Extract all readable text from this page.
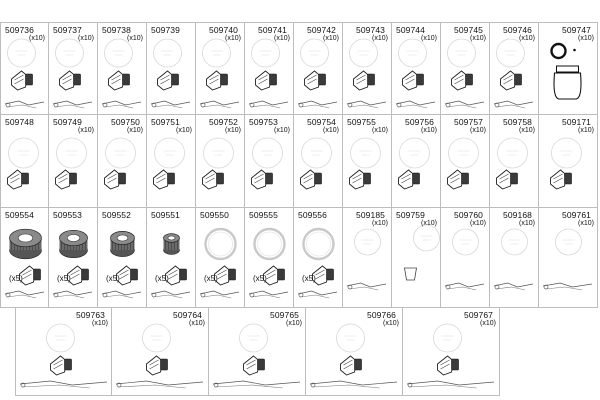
509736
(x10)
509737
(x10)
509738
(x10)
509739	509740
(x10)
509741
(x10)
509742
(x10)
509743
(x10)
509744
(x10)
509745
(x10)
509746
(x10)
509747
(x10)
509748 509749
(x10)
509750
(x10)
509751
(x10)
509752
(x10)
509753
(x10)
509754
(x10)
509755
(x10)
509756
(x10)
509757
(x10)
509758
(x10)
509171
(x10)
509554
(x5)
509553
(x5)
509552
(x5)
509551
(x5)
509550
(x5)
509555
(x5)
509556
(x5)
509185
(x10)
509759
(x10)
509760
(x10)
509168
(x10)
509761
(x10)
509763
(x10)
509764
(x10)
509765
(x10)
509766
(x10)
509767
(x10)
